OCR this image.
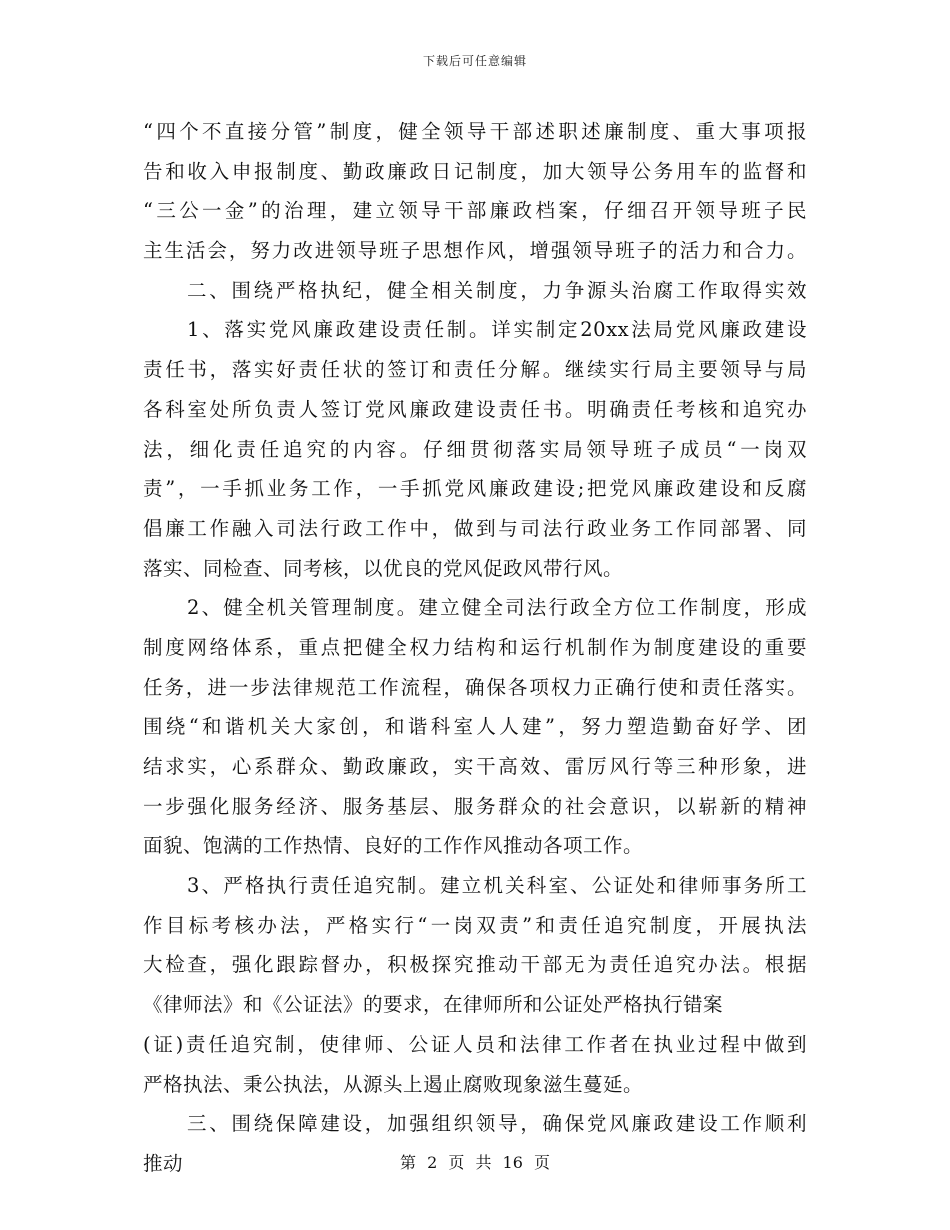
下载后可任意编辑
“四个不直接分管”制度，健全领导干部述职述廉制度、重大事项报
告和收入申报制度、勤政廉政日记制度，加大领导公务用车的监督和
“三公一金”的治理，建立领导干部廉政档案，仔细召开领导班子民
主生活会，努力改进领导班子思想作风，增强领导班子的活力和合力。
二、围绕严格执纪，健全相关制度，力争源头治腐工作取得实效
1、落实党风廉政建设责任制。详实制定20xx法局党风廉政建设
责任书，落实好责任状的签订和责任分解。继续实行局主要领导与局
各科室处所负责人签订党风廉政建设责任书。明确责任考核和追究办
法，细化责任追究的内容。仔细贯彻落实局领导班子成员“一岗双
责”，一手抓业务工作，一手抓党风廉政建设;把党风廉政建设和反腐
倡廉工作融入司法行政工作中，做到与司法行政业务工作同部署、同
落实、同检查、同考核，以优良的党风促政风带行风。
2、健全机关管理制度。建立健全司法行政全方位工作制度，形成
制度网络体系，重点把健全权力结构和运行机制作为制度建设的重要
任务，进一步法律规范工作流程，确保各项权力正确行使和责任落实。
围绕“和谐机关大家创，和谐科室人人建”，努力塑造勤奋好学、团
结求实，心系群众、勤政廉政，实干高效、雷厉风行等三种形象，进
一步强化服务经济、服务基层、服务群众的社会意识，以崭新的精神
面貌、饱满的工作热情、良好的工作作风推动各项工作。
3、严格执行责任追究制。建立机关科室、公证处和律师事务所工
作目标考核办法，严格实行“一岗双责”和责任追究制度，开展执法
大检查，强化跟踪督办，积极探究推动干部无为责任追究办法。根据
《律师法》和《公证法》的要求，在律师所和公证处严格执行错案
(证)责任追究制，使律师、公证人员和法律工作者在执业过程中做到
严格执法、秉公执法，从源头上遏止腐败现象滋生蔓延。
三、围绕保障建设，加强组织领导，确保党风廉政建设工作顺利
推动	第 2 页 共 16 页
